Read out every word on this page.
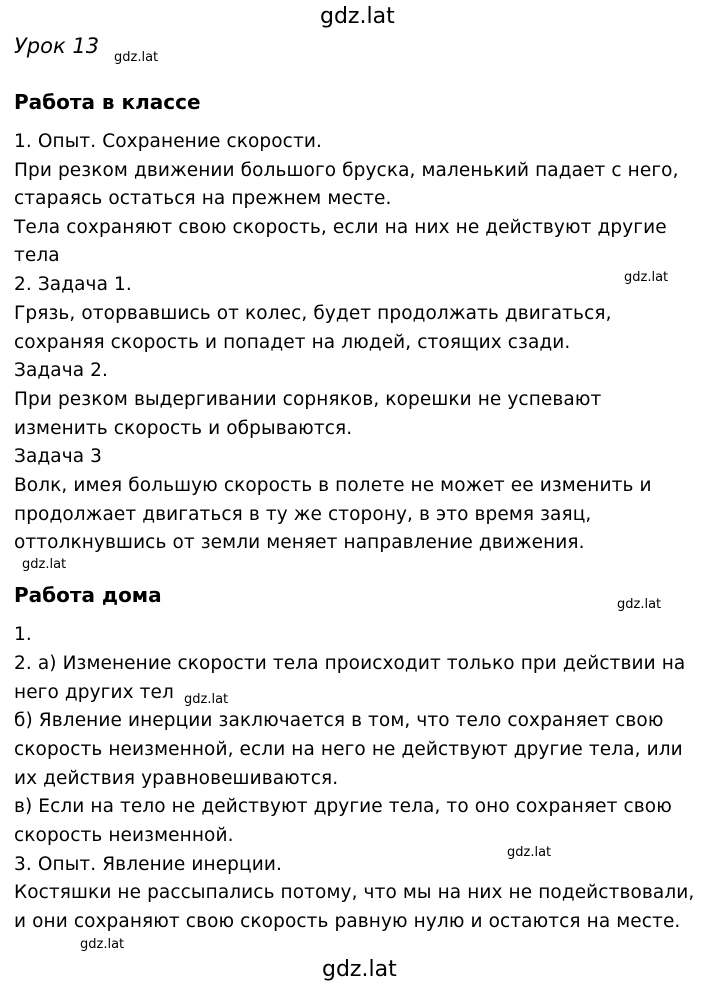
gdz.lat
gdz.lat
gdz.lat
gdz.lat
gdz.lat
gdz.lat
gdz.lat
gdz.lat
gdz.lat
Урок 13
Работа в классе
1. Опыт. Сохранение скорости.
При резком движении большого бруска, маленький падает с него,
стараясь остаться на прежнем месте.
Тела сохраняют свою скорость, если на них не действуют другие
тела
2. Задача 1.
Грязь, оторвавшись от колес, будет продолжать двигаться,
сохраняя скорость и попадет на людей, стоящих сзади.
Задача 2.
При резком выдергивании сорняков, корешки не успевают
изменить скорость и обрываются.
Задача 3
Волк, имея большую скорость в полете не может ее изменить и
продолжает двигаться в ту же сторону, в это время заяц,
оттолкнувшись от земли меняет направление движения.
Работа дома
1.
2. а) Изменение скорости тела происходит только при действии на
него других тел
б) Явление инерции заключается в том, что тело сохраняет свою
скорость неизменной, если на него не действуют другие тела, или
их действия уравновешиваются.
в) Если на тело не действуют другие тела, то оно сохраняет свою
скорость неизменной.
3. Опыт. Явление инерции.
Костяшки не рассыпались потому, что мы на них не подействовали,
и они сохраняют свою скорость равную нулю и остаются на месте.
